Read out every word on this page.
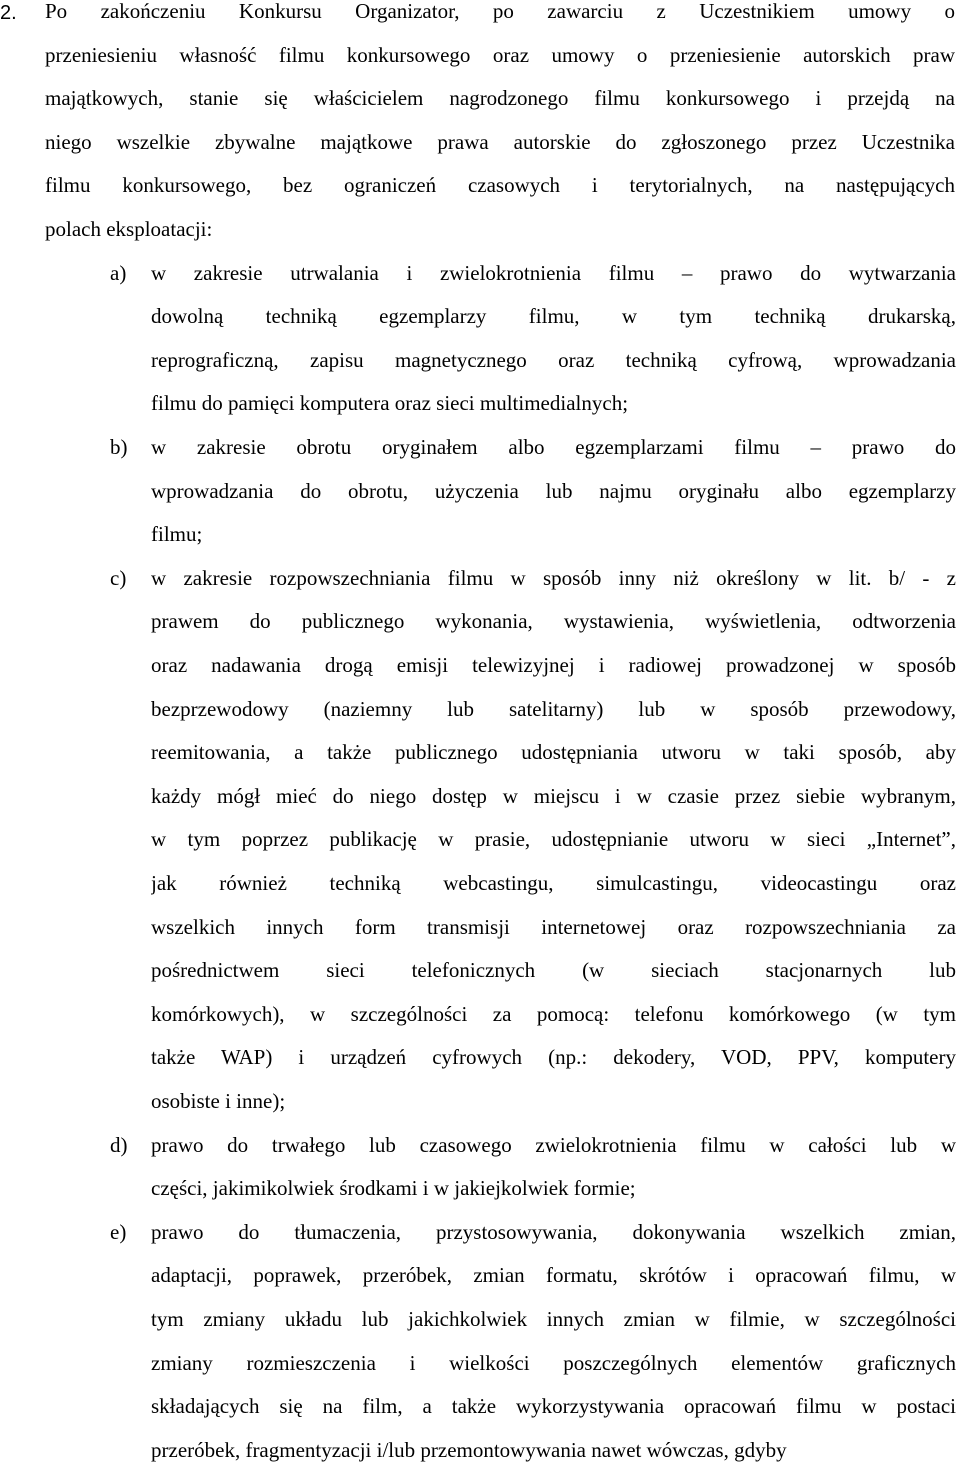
2. Po zakończeniu Konkursu Organizator, po zawarciu z Uczestnikiem umowy o
przeniesieniu własność filmu konkursowego oraz umowy o przeniesienie autorskich praw
majątkowych, stanie się właścicielem nagrodzonego filmu konkursowego i przejdą na
niego wszelkie zbywalne majątkowe prawa autorskie do zgłoszonego przez Uczestnika
filmu konkursowego, bez ograniczeń czasowych i terytorialnych, na następujących
polach eksploatacji:
a) w zakresie utrwalania i zwielokrotnienia filmu – prawo do wytwarzania
dowolną techniką egzemplarzy filmu, w tym techniką drukarską,
reprograficzną, zapisu magnetycznego oraz techniką cyfrową, wprowadzania
filmu do pamięci komputera oraz sieci multimedialnych;
b) w zakresie obrotu oryginałem albo egzemplarzami filmu – prawo do
wprowadzania do obrotu, użyczenia lub najmu oryginału albo egzemplarzy
filmu;
c) w zakresie rozpowszechniania filmu w sposób inny niż określony w lit. b/ - z
prawem do publicznego wykonania, wystawienia, wyświetlenia, odtworzenia
oraz nadawania drogą emisji telewizyjnej i radiowej prowadzonej w sposób
bezprzewodowy (naziemny lub satelitarny) lub w sposób przewodowy,
reemitowania, a także publicznego udostępniania utworu w taki sposób, aby
każdy mógł mieć do niego dostęp w miejscu i w czasie przez siebie wybranym,
w tym poprzez publikację w prasie, udostępnianie utworu w sieci „Internet”,
jak również techniką webcastingu, simulcastingu, videocastingu oraz
wszelkich innych form transmisji internetowej oraz rozpowszechniania za
pośrednictwem sieci telefonicznych (w sieciach stacjonarnych lub
komórkowych), w szczególności za pomocą: telefonu komórkowego (w tym
także WAP) i urządzeń cyfrowych (np.: dekodery, VOD, PPV, komputery
osobiste i inne);
d) prawo do trwałego lub czasowego zwielokrotnienia filmu w całości lub w
części, jakimikolwiek środkami i w jakiejkolwiek formie;
e) prawo do tłumaczenia, przystosowywania, dokonywania wszelkich zmian,
adaptacji, poprawek, przeróbek, zmian formatu, skrótów i opracowań filmu, w
tym zmiany układu lub jakichkolwiek innych zmian w filmie, w szczególności
zmiany rozmieszczenia i wielkości poszczególnych elementów graficznych
składających się na film, a także wykorzystywania opracowań filmu w postaci
przeróbek, fragmentyzacji i/lub przemontowywania nawet wówczas, gdyby
